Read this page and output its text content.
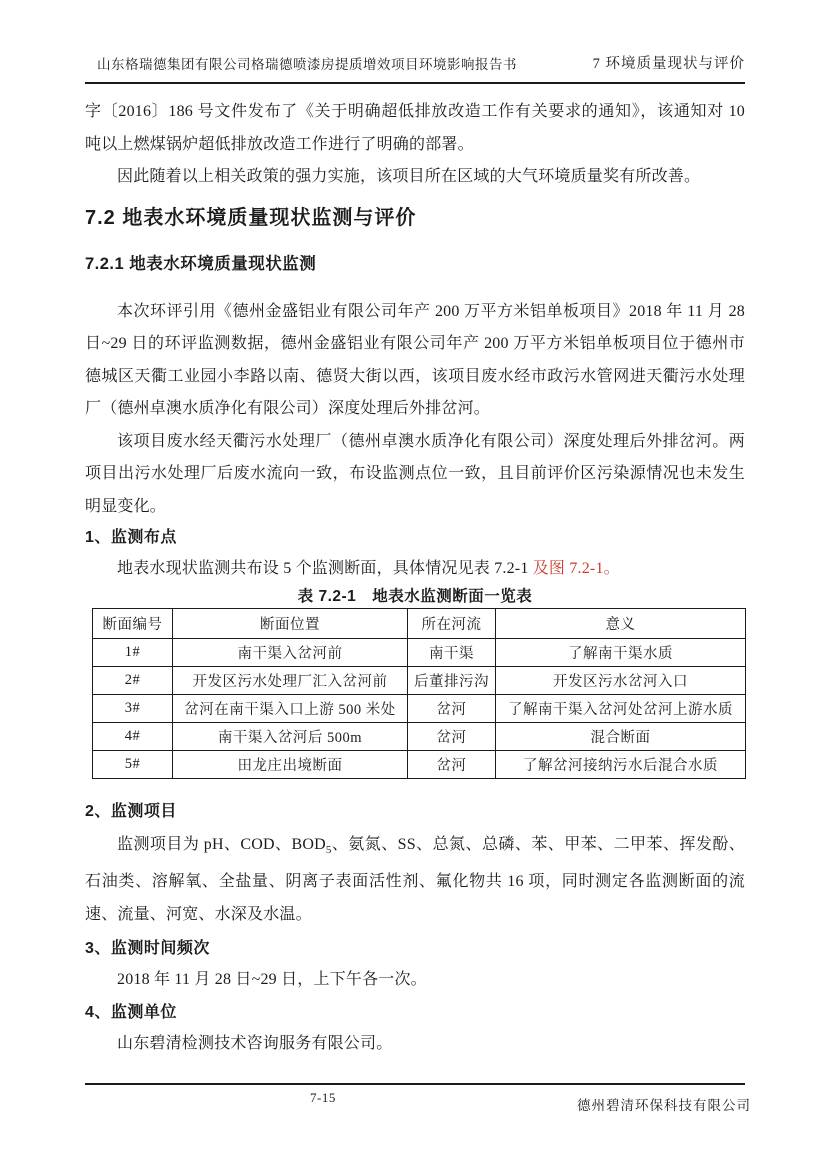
山东格瑞德集团有限公司格瑞德喷漆房提质增效项目环境影响报告书	7 环境质量现状与评价

字〔2016〕186 号文件发布了《关于明确超低排放改造工作有关要求的通知》，该通知对 10 吨以上燃煤锅炉超低排放改造工作进行了明确的部署。

因此随着以上相关政策的强力实施，该项目所在区域的大气环境质量奖有所改善。

7.2 地表水环境质量现状监测与评价
7.2.1 地表水环境质量现状监测

本次环评引用《德州金盛铝业有限公司年产 200 万平方米铝单板项目》2018 年 11 月 28 日~29 日的环评监测数据，德州金盛铝业有限公司年产 200 万平方米铝单板项目位于德州市德城区天衢工业园小李路以南、德贤大街以西，该项目废水经市政污水管网进天衢污水处理厂（德州卓澳水质净化有限公司）深度处理后外排岔河。

该项目废水经天衢污水处理厂（德州卓澳水质净化有限公司）深度处理后外排岔河。两项目出污水处理厂后废水流向一致，布设监测点位一致，且目前评价区污染源情况也未发生明显变化。

1、监测布点

地表水现状监测共布设 5 个监测断面，具体情况见表 7.2-1 及图 7.2-1。

表 7.2-1　地表水监测断面一览表
断面编号	断面位置	所在河流	意义
1#	南干渠入岔河前	南干渠	了解南干渠水质
2#	开发区污水处理厂汇入岔河前	后董排污沟	开发区污水岔河入口
3#	岔河在南干渠入口上游 500 米处	岔河	了解南干渠入岔河处岔河上游水质
4#	南干渠入岔河后 500m	岔河	混合断面
5#	田龙庄出境断面	岔河	了解岔河接纳污水后混合水质
2、监测项目

监测项目为 pH、COD、$BOD_5$、氨氮、SS、总氮、总磷、苯、甲苯、二甲苯、挥发酚、石油类、溶解氧、全盐量、阴离子表面活性剂、氟化物共 16 项，同时测定各监测断面的流速、流量、河宽、水深及水温。

3、监测时间频次

2018 年 11 月 28 日~29 日，上下午各一次。

4、监测单位

山东碧清检测技术咨询服务有限公司。

7-15
德州碧清环保科技有限公司
